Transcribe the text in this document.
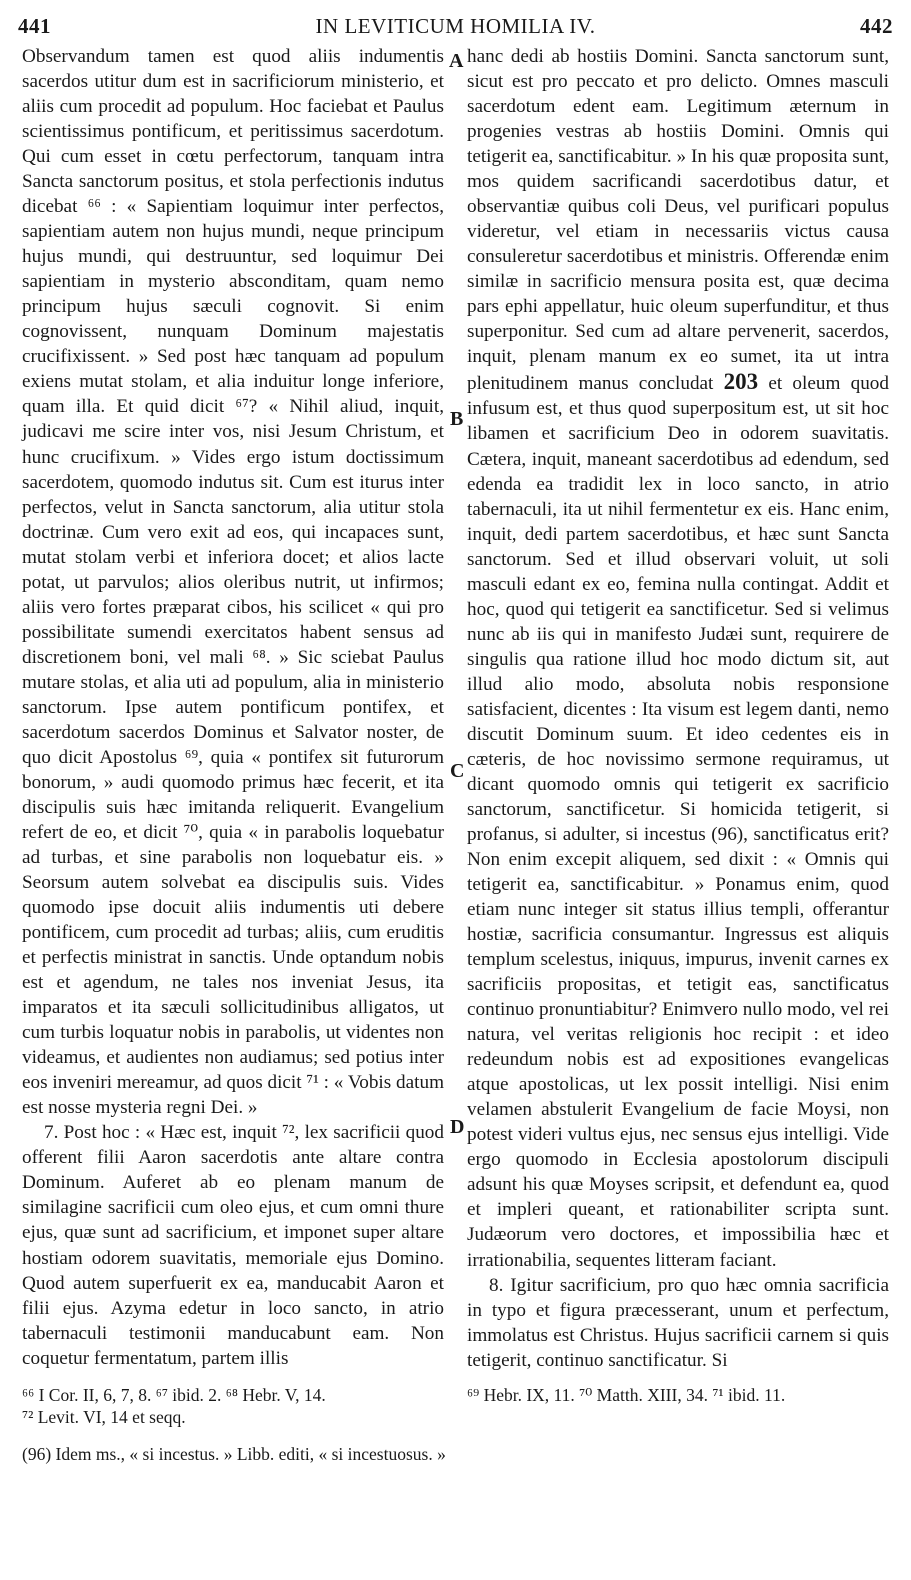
441	IN LEVITICUM HOMILIA IV.	442
A
B
C
D

Observandum tamen est quod aliis indumentis sacerdos utitur dum est in sacrificiorum ministerio, et aliis cum procedit ad populum. Hoc faciebat et Paulus scientissimus pontificum, et peritissimus sacerdotum. Qui cum esset in cœtu perfectorum, tanquam intra Sancta sanctorum positus, et stola perfectionis indutus dicebat ⁶⁶ : « Sapientiam loquimur inter perfectos, sapientiam autem non hujus mundi, neque principum hujus mundi, qui destruuntur, sed loquimur Dei sapientiam in mysterio absconditam, quam nemo principum hujus sæculi cognovit. Si enim cognovissent, nunquam Dominum majestatis crucifixissent. » Sed post hæc tanquam ad populum exiens mutat stolam, et alia induitur longe inferiore, quam illa. Et quid dicit ⁶⁷? « Nihil aliud, inquit, judicavi me scire inter vos, nisi Jesum Christum, et hunc crucifixum. » Vides ergo istum doctissimum sacerdotem, quomodo indutus sit. Cum est iturus inter perfectos, velut in Sancta sanctorum, alia utitur stola doctrinæ. Cum vero exit ad eos, qui incapaces sunt, mutat stolam verbi et inferiora docet; et alios lacte potat, ut parvulos; alios oleribus nutrit, ut infirmos; aliis vero fortes præparat cibos, his scilicet « qui pro possibilitate sumendi exercitatos habent sensus ad discretionem boni, vel mali ⁶⁸. » Sic sciebat Paulus mutare stolas, et alia uti ad populum, alia in ministerio sanctorum. Ipse autem pontificum pontifex, et sacerdotum sacerdos Dominus et Salvator noster, de quo dicit Apostolus ⁶⁹, quia « pontifex sit futurorum bonorum, » audi quomodo primus hæc fecerit, et ita discipulis suis hæc imitanda reliquerit. Evangelium refert de eo, et dicit ⁷⁰, quia « in parabolis loquebatur ad turbas, et sine parabolis non loquebatur eis. » Seorsum autem solvebat ea discipulis suis. Vides quomodo ipse docuit aliis indumentis uti debere pontificem, cum procedit ad turbas; aliis, cum eruditis et perfectis ministrat in sanctis. Unde optandum nobis est et agendum, ne tales nos inveniat Jesus, ita imparatos et ita sæculi sollicitudinibus alligatos, ut cum turbis loquatur nobis in parabolis, ut videntes non videamus, et audientes non audiamus; sed potius inter eos inveniri mereamur, ad quos dicit ⁷¹ : « Vobis datum est nosse mysteria regni Dei. »

7. Post hoc : « Hæc est, inquit ⁷², lex sacrificii quod offerent filii Aaron sacerdotis ante altare contra Dominum. Auferet ab eo plenam manum de similagine sacrificii cum oleo ejus, et cum omni thure ejus, quæ sunt ad sacrificium, et imponet super altare hostiam odorem suavitatis, memoriale ejus Domino. Quod autem superfuerit ex ea, manducabit Aaron et filii ejus. Azyma edetur in loco sancto, in atrio tabernaculi testimonii manducabunt eam. Non coquetur fermentatum, partem illis

hanc dedi ab hostiis Domini. Sancta sanctorum sunt, sicut est pro peccato et pro delicto. Omnes masculi sacerdotum edent eam. Legitimum æternum in progenies vestras ab hostiis Domini. Omnis qui tetigerit ea, sanctificabitur. » In his quæ proposita sunt, mos quidem sacrificandi sacerdotibus datur, et observantiæ quibus coli Deus, vel purificari populus videretur, vel etiam in necessariis victus causa consuleretur sacerdotibus et ministris. Offerendæ enim similæ in sacrificio mensura posita est, quæ decima pars ephi appellatur, huic oleum superfunditur, et thus superponitur. Sed cum ad altare pervenerit, sacerdos, inquit, plenam manum ex eo sumet, ita ut intra plenitudinem manus concludat 203 et oleum quod infusum est, et thus quod superpositum est, ut sit hoc libamen et sacrificium Deo in odorem suavitatis. Cætera, inquit, maneant sacerdotibus ad edendum, sed edenda ea tradidit lex in loco sancto, in atrio tabernaculi, ita ut nihil fermentetur ex eis. Hanc enim, inquit, dedi partem sacerdotibus, et hæc sunt Sancta sanctorum. Sed et illud observari voluit, ut soli masculi edant ex eo, femina nulla contingat. Addit et hoc, quod qui tetigerit ea sanctificetur. Sed si velimus nunc ab iis qui in manifesto Judæi sunt, requirere de singulis qua ratione illud hoc modo dictum sit, aut illud alio modo, absoluta nobis responsione satisfacient, dicentes : Ita visum est legem danti, nemo discutit Dominum suum. Et ideo cedentes eis in cæteris, de hoc novissimo sermone requiramus, ut dicant quomodo omnis qui tetigerit ex sacrificio sanctorum, sanctificetur. Si homicida tetigerit, si profanus, si adulter, si incestus (96), sanctificatus erit? Non enim excepit aliquem, sed dixit : « Omnis qui tetigerit ea, sanctificabitur. » Ponamus enim, quod etiam nunc integer sit status illius templi, offerantur hostiæ, sacrificia consumantur. Ingressus est aliquis templum scelestus, iniquus, impurus, invenit carnes ex sacrificiis propositas, et tetigit eas, sanctificatus continuo pronuntiabitur? Enimvero nullo modo, vel rei natura, vel veritas religionis hoc recipit : et ideo redeundum nobis est ad expositiones evangelicas atque apostolicas, ut lex possit intelligi. Nisi enim velamen abstulerit Evangelium de facie Moysi, non potest videri vultus ejus, nec sensus ejus intelligi. Vide ergo quomodo in Ecclesia apostolorum discipuli adsunt his quæ Moyses scripsit, et defendunt ea, quod et impleri queant, et rationabiliter scripta sunt. Judæorum vero doctores, et impossibilia hæc et irrationabilia, sequentes litteram faciant.

8. Igitur sacrificium, pro quo hæc omnia sacrificia in typo et figura præcesserant, unum et perfectum, immolatus est Christus. Hujus sacrificii carnem si quis tetigerit, continuo sanctificatur. Si

⁶⁶ I Cor. II, 6, 7, 8. ⁶⁷ ibid. 2. ⁶⁸ Hebr. V, 14.
⁷² Levit. VI, 14 et seqq.
⁶⁹ Hebr. IX, 11. ⁷⁰ Matth. XIII, 34. ⁷¹ ibid. 11.
(96) Idem ms., « si incestus. » Libb. editi, « si incestuosus. »
